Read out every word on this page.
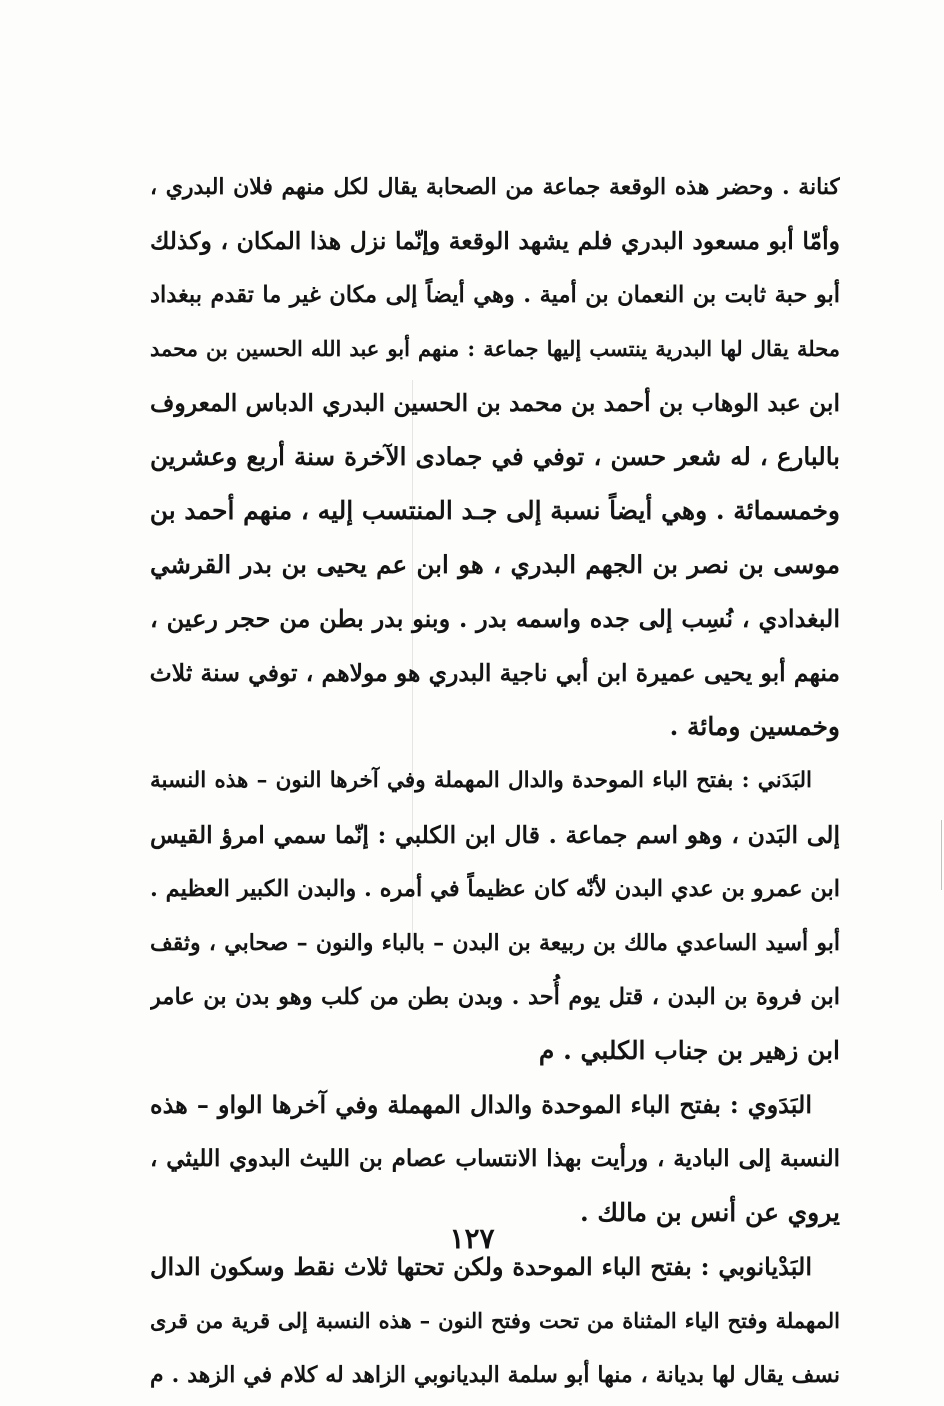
كنانة . وحضر هذه الوقعة جماعة من الصحابة يقال لكل منهم فلان البدري ،
وأمّا أبو مسعود البدري فلم يشهد الوقعة وإنّما نزل هذا المكان ، وكذلك
أبو حبة ثابت بن النعمان بن أمية . وهي أيضاً إلى مكان غير ما تقدم ببغداد
محلة يقال لها البدرية ينتسب إليها جماعة : منهم أبو عبد الله الحسين بن محمد
ابن عبد الوهاب بن أحمد بن محمد بن الحسين البدري الدباس المعروف
بالبارع ، له شعر حسن ، توفي في جمادى الآخرة سنة أربع وعشرين
وخمسمائة . وهي أيضاً نسبة إلى جـد المنتسب إليه ، منهم أحمد بن
موسى بن نصر بن الجهم البدري ، هو ابن عم يحيى بن بدر القرشي
البغدادي ، نُسِب إلى جده واسمه بدر . وبنو بدر بطن من حجر رعين ،
منهم أبو يحيى عميرة ابن أبي ناجية البدري هو مولاهم ، توفي سنة ثلاث
وخمسين ومائة .
البَدَني : بفتح الباء الموحدة والدال المهملة وفي آخرها النون – هذه النسبة
إلى البَدن ، وهو اسم جماعة . قال ابن الكلبي : إنّما سمي امرؤ القيس
ابن عمرو بن عدي البدن لأنّه كان عظيماً في أمره . والبدن الكبير العظيم .
أبو أسيد الساعدي مالك بن ربيعة بن البدن – بالباء والنون – صحابي ، وثقف
ابن فروة بن البدن ، قتل يوم أُحد . وبدن بطن من كلب وهو بدن بن عامر
ابن زهير بن جناب الكلبي . م
البَدَوي : بفتح الباء الموحدة والدال المهملة وفي آخرها الواو – هذه
النسبة إلى البادية ، ورأيت بهذا الانتساب عصام بن الليث البدوي الليثي ،
يروي عن أنس بن مالك .
البَدْيانوبي : بفتح الباء الموحدة ولكن تحتها ثلاث نقط وسكون الدال
المهملة وفتح الياء المثناة من تحت وفتح النون – هذه النسبة إلى قرية من قرى
نسف يقال لها بديانة ، منها أبو سلمة البديانوبي الزاهد له كلام في الزهد . م
١٢٧
